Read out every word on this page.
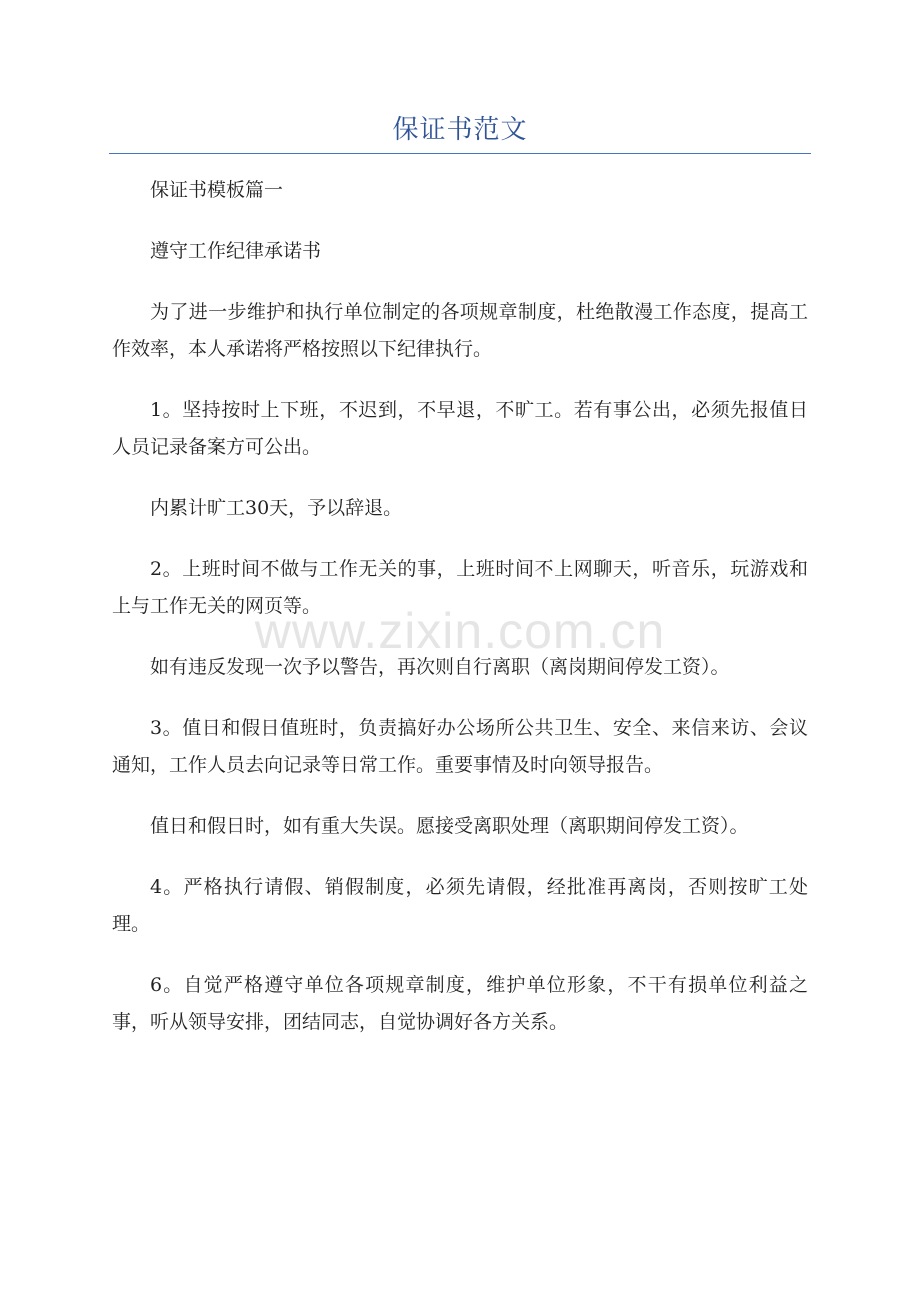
保证书范文

保证书模板篇一

遵守工作纪律承诺书

为了进一步维护和执行单位制定的各项规章制度，杜绝散漫工作态度，提高工作效率，本人承诺将严格按照以下纪律执行。

1。坚持按时上下班，不迟到，不早退，不旷工。若有事公出，必须先报值日人员记录备案方可公出。

内累计旷工30天，予以辞退。

2。上班时间不做与工作无关的事，上班时间不上网聊天，听音乐，玩游戏和上与工作无关的网页等。

如有违反发现一次予以警告，再次则自行离职（离岗期间停发工资）。

3。值日和假日值班时，负责搞好办公场所公共卫生、安全、来信来访、会议通知，工作人员去向记录等日常工作。重要事情及时向领导报告。

值日和假日时，如有重大失误。愿接受离职处理（离职期间停发工资）。

4。严格执行请假、销假制度，必须先请假，经批准再离岗，否则按旷工处理。

6。自觉严格遵守单位各项规章制度，维护单位形象，不干有损单位利益之事，听从领导安排，团结同志，自觉协调好各方关系。

www.zixin.com.cn
